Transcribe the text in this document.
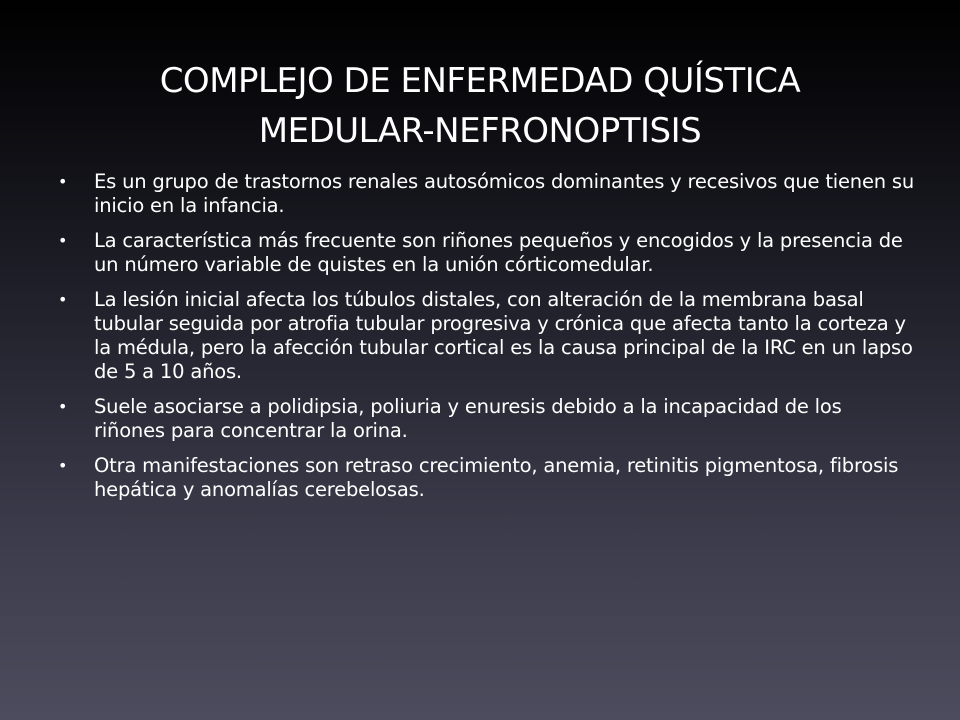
COMPLEJO DE ENFERMEDAD QUÍSTICA
MEDULAR-NEFRONOPTISIS
• Es un grupo de trastornos renales autosómicos dominantes y recesivos que tienen su inicio en la infancia.
• La característica más frecuente son riñones pequeños y encogidos y la presencia de un número variable de quistes en la unión córticomedular.
• La lesión inicial afecta los túbulos distales, con alteración de la membrana basal tubular seguida por atrofia tubular progresiva y crónica que afecta tanto la corteza y la médula, pero la afección tubular cortical es la causa principal de la IRC en un lapso de 5 a 10 años.
• Suele asociarse a polidipsia, poliuria y enuresis debido a la incapacidad de los riñones para concentrar la orina.
• Otra manifestaciones son retraso crecimiento, anemia, retinitis pigmentosa, fibrosis hepática y anomalías cerebelosas.
